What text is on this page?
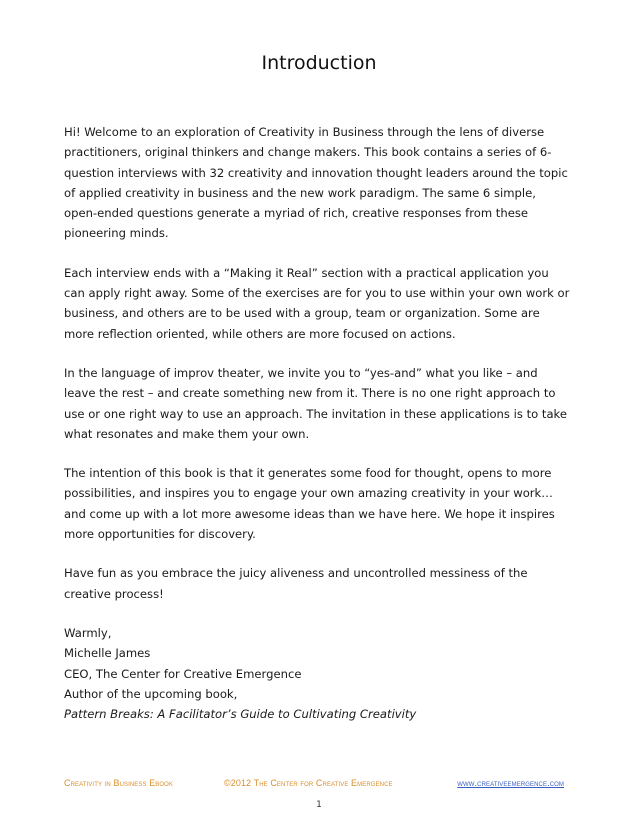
Introduction

Hi! Welcome to an exploration of Creativity in Business through the lens of diverse practitioners, original thinkers and change makers. This book contains a series of 6-question interviews with 32 creativity and innovation thought leaders around the topic of applied creativity in business and the new work paradigm. The same 6 simple, open-ended questions generate a myriad of rich, creative responses from these pioneering minds.

Each interview ends with a “Making it Real” section with a practical application you can apply right away. Some of the exercises are for you to use within your own work or business, and others are to be used with a group, team or organization. Some are more reflection oriented, while others are more focused on actions.

In the language of improv theater, we invite you to “yes-and” what you like – and leave the rest – and create something new from it. There is no one right approach to use or one right way to use an approach. The invitation in these applications is to take what resonates and make them your own.

The intention of this book is that it generates some food for thought, opens to more possibilities, and inspires you to engage your own amazing creativity in your work…and come up with a lot more awesome ideas than we have here. We hope it inspires more opportunities for discovery.

Have fun as you embrace the juicy aliveness and uncontrolled messiness of the creative process!

Warmly,
Michelle James
CEO, The Center for Creative Emergence
Author of the upcoming book,
Pattern Breaks: A Facilitator’s Guide to Cultivating Creativity
Creativity in Business Ebook	©2012 The Center for Creative Emergence	www.creativeemergence.com
1
